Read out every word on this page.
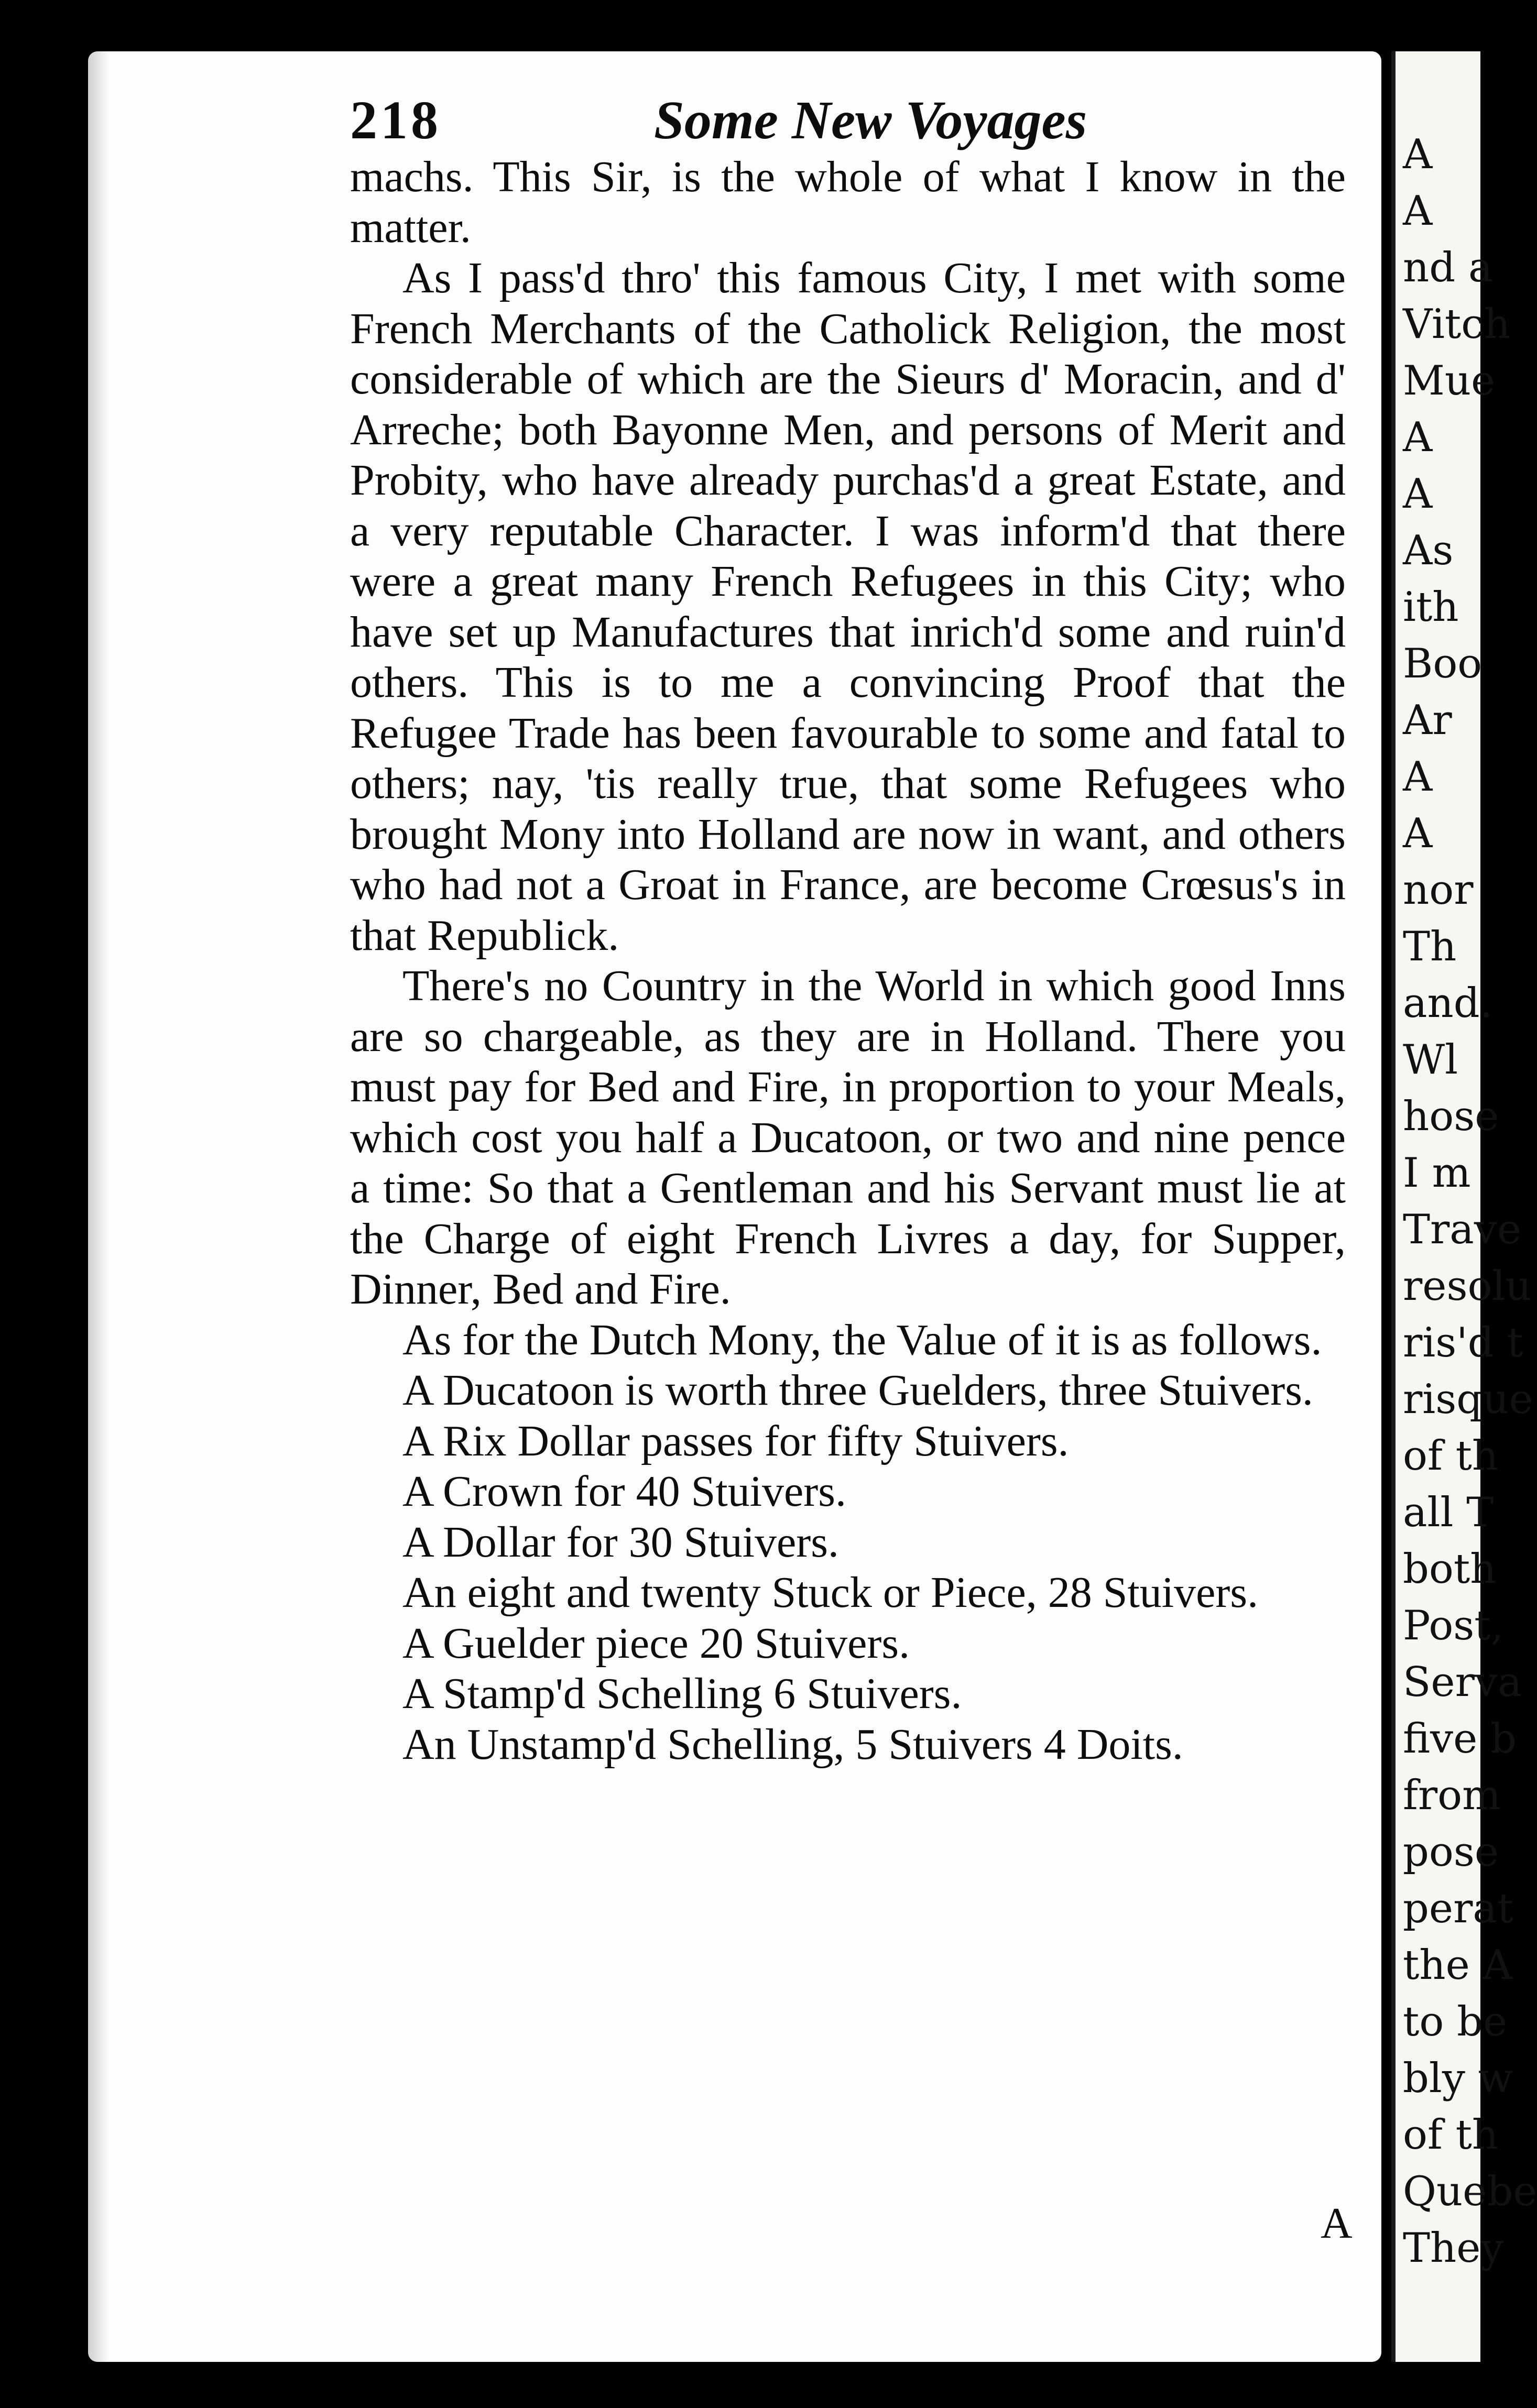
A
A
nd a
Vitch
Mue
A
A
As
ith
Boo
Ar
A
A
nor
Th
and.
Wl
hose
I m
Trave
resolu
ris'd t
risque
of th
all T
both
Post,
Serva
five b
from
pose
perat
the A
to be
bly w
of th
Quebe
They
218	Some New Voyages

machs. This Sir, is the whole of what I know in the matter.

As I pass'd thro' this famous City, I met with some French Merchants of the Catholick Religion, the most considerable of which are the Sieurs d' Moracin, and d' Arreche; both Bayonne Men, and persons of Merit and Probity, who have already purchas'd a great Estate, and a very reputable Character. I was inform'd that there were a great many French Refugees in this City; who have set up Manufactures that inrich'd some and ruin'd others. This is to me a convincing Proof that the Refugee Trade has been favourable to some and fatal to others; nay, 'tis really true, that some Refugees who brought Mony into Holland are now in want, and others who had not a Groat in France, are become Crœsus's in that Republick.

There's no Country in the World in which good Inns are so chargeable, as they are in Holland. There you must pay for Bed and Fire, in proportion to your Meals, which cost you half a Ducatoon, or two and nine pence a time: So that a Gentleman and his Servant must lie at the Charge of eight French Livres a day, for Supper, Dinner, Bed and Fire.

As for the Dutch Mony, the Value of it is as follows.

A Ducatoon is worth three Guelders, three Stuivers.

A Rix Dollar passes for fifty Stuivers.

A Crown for 40 Stuivers.

A Dollar for 30 Stuivers.

An eight and twenty Stuck or Piece, 28 Stuivers.

A Guelder piece 20 Stuivers.

A Stamp'd Schelling 6 Stuivers.

An Unstamp'd Schelling, 5 Stuivers 4 Doits.

A
